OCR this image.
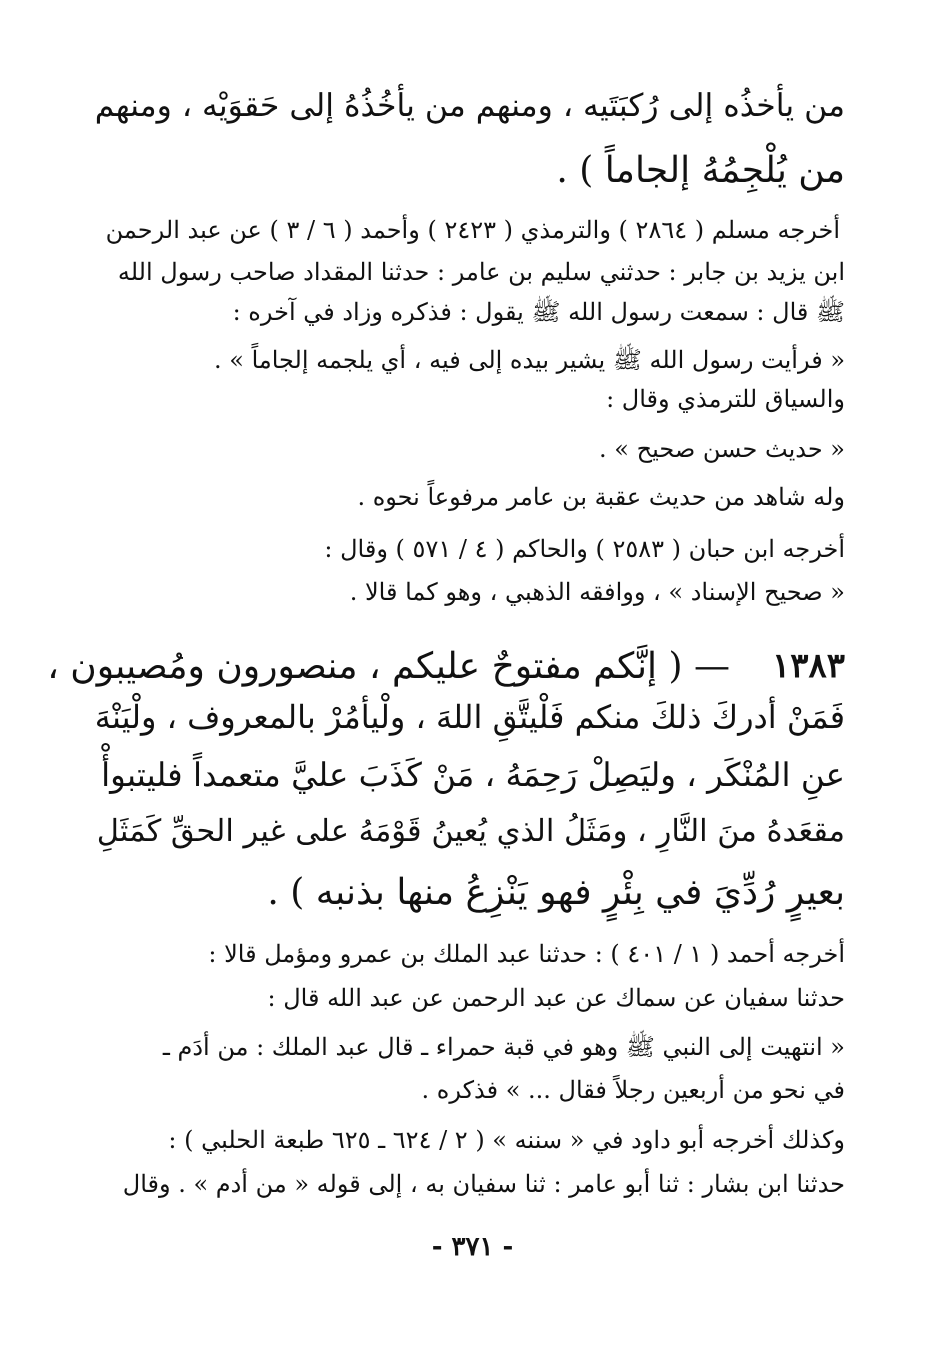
من يأخذُه إلى رُكبَتَيه ، ومنهم من يأخُذُهُ إلى حَقوَيْه ، ومنهم
من يُلْجِمُهُ إلجاماً ) .
أخرجه مسلم ( ٢٨٦٤ ) والترمذي ( ٢٤٢٣ ) وأحمد ( ٦ / ٣ ) عن عبد الرحمن
ابن يزيد بن جابر : حدثني سليم بن عامر : حدثنا المقداد صاحب رسول الله
ﷺ قال : سمعت رسول الله ﷺ يقول : فذكره وزاد في آخره :
« فرأيت رسول الله ﷺ يشير بيده إلى فيه ، أي يلجمه إلجاماً » .
والسياق للترمذي وقال :
« حديث حسن صحيح » .
وله شاهد من حديث عقبة بن عامر مرفوعاً نحوه .
أخرجه ابن حبان ( ٢٥٨٣ ) والحاكم ( ٤ / ٥٧١ ) وقال :
« صحيح الإسناد » ، ووافقه الذهبي ، وهو كما قالا .
١٣٨٣
— ( إنَّكم مفتوحٌ عليكم ، منصورون ومُصيبون ،
فَمَنْ أدركَ ذلكَ منكم فَلْيتَّقِ اللهَ ، ولْيأمُرْ بالمعروف ، ولْيَنْهَ
عنِ المُنْكَر ، وليَصِلْ رَحِمَهُ ، مَنْ كَذَبَ عليَّ متعمداً فليتبوأْ
مقعَدهُ منَ النَّارِ ، ومَثَلُ الذي يُعينُ قَوْمَهُ على غير الحقِّ كَمَثَلِ
بعيرٍ رُدِّيَ في بِئْرٍ فهو يَنْزِعُ منها بذنبه ) .
أخرجه أحمد ( ١ / ٤٠١ ) : حدثنا عبد الملك بن عمرو ومؤمل قالا :
حدثنا سفيان عن سماك عن عبد الرحمن عن عبد الله قال :
« انتهيت إلى النبي ﷺ وهو في قبة حمراء ـ قال عبد الملك : من أدَم ـ
في نحو من أربعين رجلاً فقال ... » فذكره .
وكذلك أخرجه أبو داود في « سننه » ( ٢ / ٦٢٤ ـ ٦٢٥ طبعة الحلبي ) :
حدثنا ابن بشار : ثنا أبو عامر : ثنا سفيان به ، إلى قوله « من أدم » . وقال
- ٣٧١ -
